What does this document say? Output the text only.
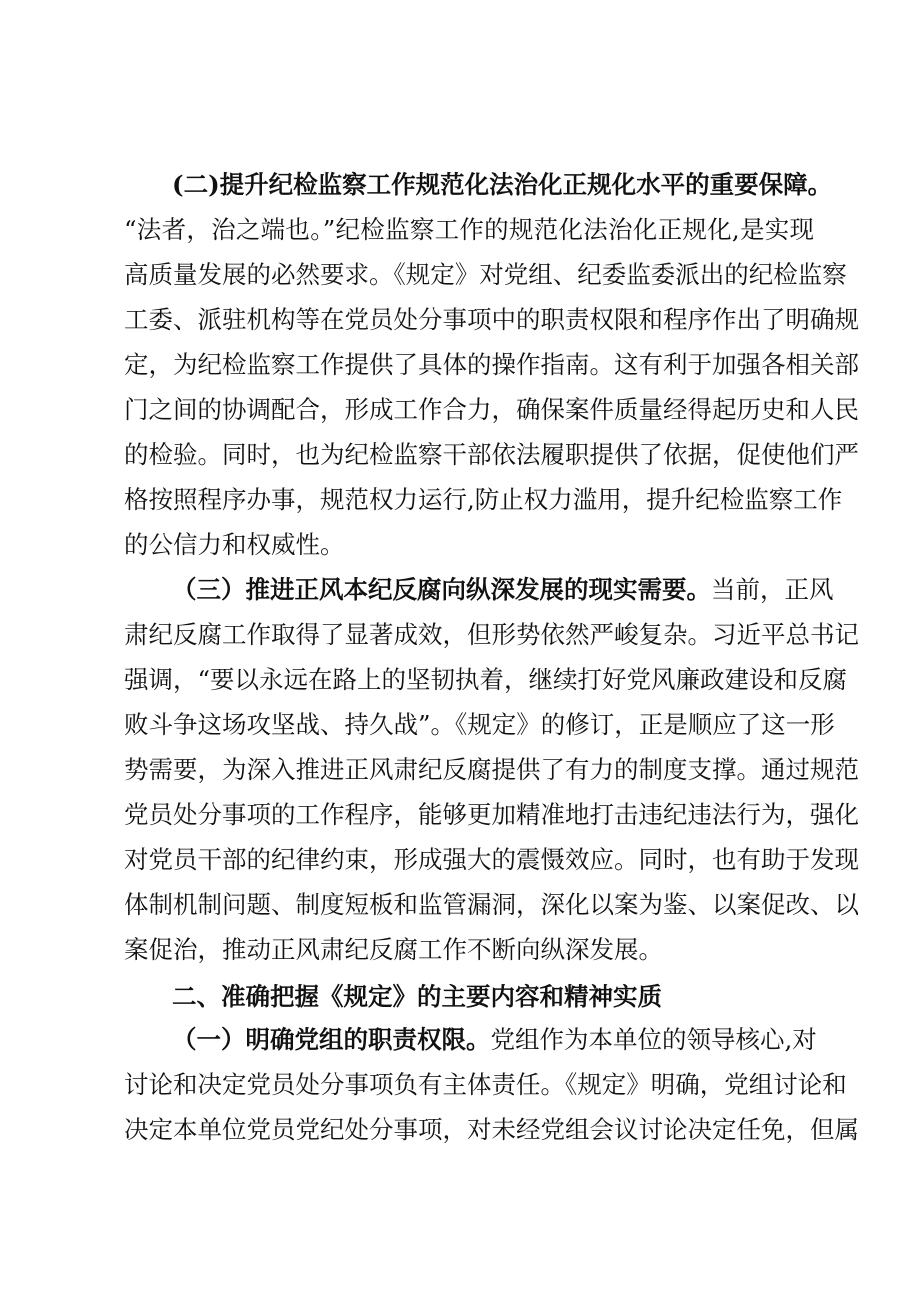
(二)提升纪检监察工作规范化法治化正规化水平的重要保障。
“法者，治之端也。”纪检监察工作的规范化法治化正规化,是实现
高质量发展的必然要求。《规定》对党组、纪委监委派出的纪检监察
工委、派驻机构等在党员处分事项中的职责权限和程序作出了明确规
定，为纪检监察工作提供了具体的操作指南。这有利于加强各相关部
门之间的协调配合，形成工作合力，确保案件质量经得起历史和人民
的检验。同时，也为纪检监察干部依法履职提供了依据，促使他们严
格按照程序办事，规范权力运行,防止权力滥用，提升纪检监察工作
的公信力和权威性。
（三）推进正风本纪反腐向纵深发展的现实需要。当前，正风
肃纪反腐工作取得了显著成效，但形势依然严峻复杂。习近平总书记
强调，“要以永远在路上的坚韧执着，继续打好党风廉政建设和反腐
败斗争这场攻坚战、持久战”。《规定》的修订，正是顺应了这一形
势需要，为深入推进正风肃纪反腐提供了有力的制度支撑。通过规范
党员处分事项的工作程序，能够更加精准地打击违纪违法行为，强化
对党员干部的纪律约束，形成强大的震慑效应。同时，也有助于发现
体制机制问题、制度短板和监管漏洞，深化以案为鉴、以案促改、以
案促治，推动正风肃纪反腐工作不断向纵深发展。
二、准确把握《规定》的主要内容和精神实质
（一）明确党组的职责权限。党组作为本单位的领导核心,对
讨论和决定党员处分事项负有主体责任。《规定》明确，党组讨论和
决定本单位党员党纪处分事项，对未经党组会议讨论决定任免，但属
